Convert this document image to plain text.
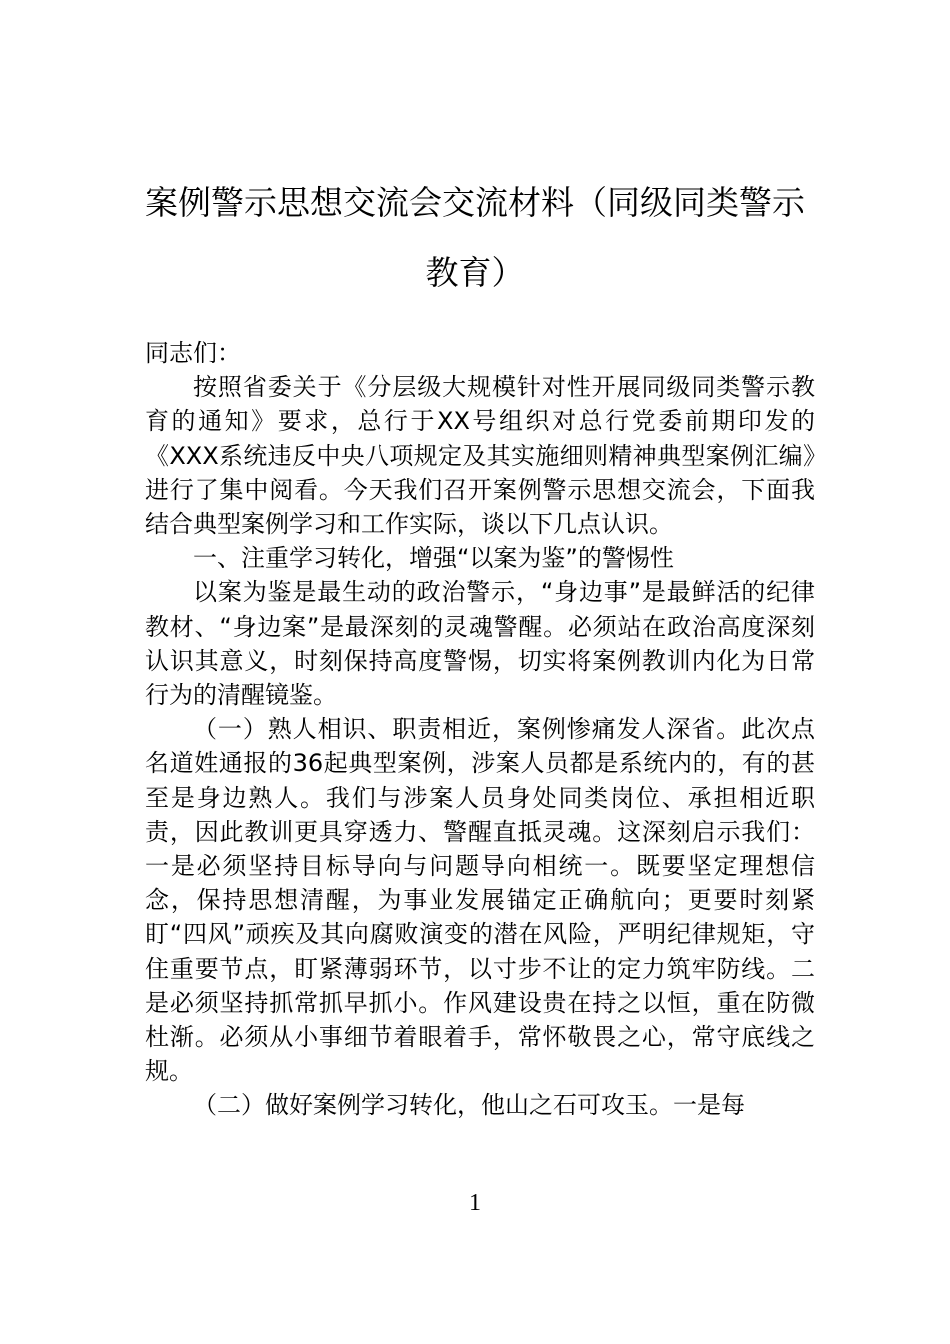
案例警示思想交流会交流材料（同级同类警示教育）

同志们：

按照省委关于《分层级大规模针对性开展同级同类警示教育的通知》要求，总行于XX号组织对总行党委前期印发的《XXX系统违反中央八项规定及其实施细则精神典型案例汇编》进行了集中阅看。今天我们召开案例警示思想交流会，下面我结合典型案例学习和工作实际，谈以下几点认识。

一、注重学习转化，增强“以案为鉴”的警惕性

以案为鉴是最生动的政治警示，“身边事”是最鲜活的纪律教材、“身边案”是最深刻的灵魂警醒。必须站在政治高度深刻认识其意义，时刻保持高度警惕，切实将案例教训内化为日常行为的清醒镜鉴。

（一）熟人相识、职责相近，案例惨痛发人深省。此次点名道姓通报的36起典型案例，涉案人员都是系统内的，有的甚至是身边熟人。我们与涉案人员身处同类岗位、承担相近职责，因此教训更具穿透力、警醒直抵灵魂。这深刻启示我们：一是必须坚持目标导向与问题导向相统一。既要坚定理想信念，保持思想清醒，为事业发展锚定正确航向；更要时刻紧盯“四风”顽疾及其向腐败演变的潜在风险，严明纪律规矩，守住重要节点，盯紧薄弱环节，以寸步不让的定力筑牢防线。二是必须坚持抓常抓早抓小。作风建设贵在持之以恒，重在防微杜渐。必须从小事细节着眼着手，常怀敬畏之心，常守底线之规。

（二）做好案例学习转化，他山之石可攻玉。一是每

1
